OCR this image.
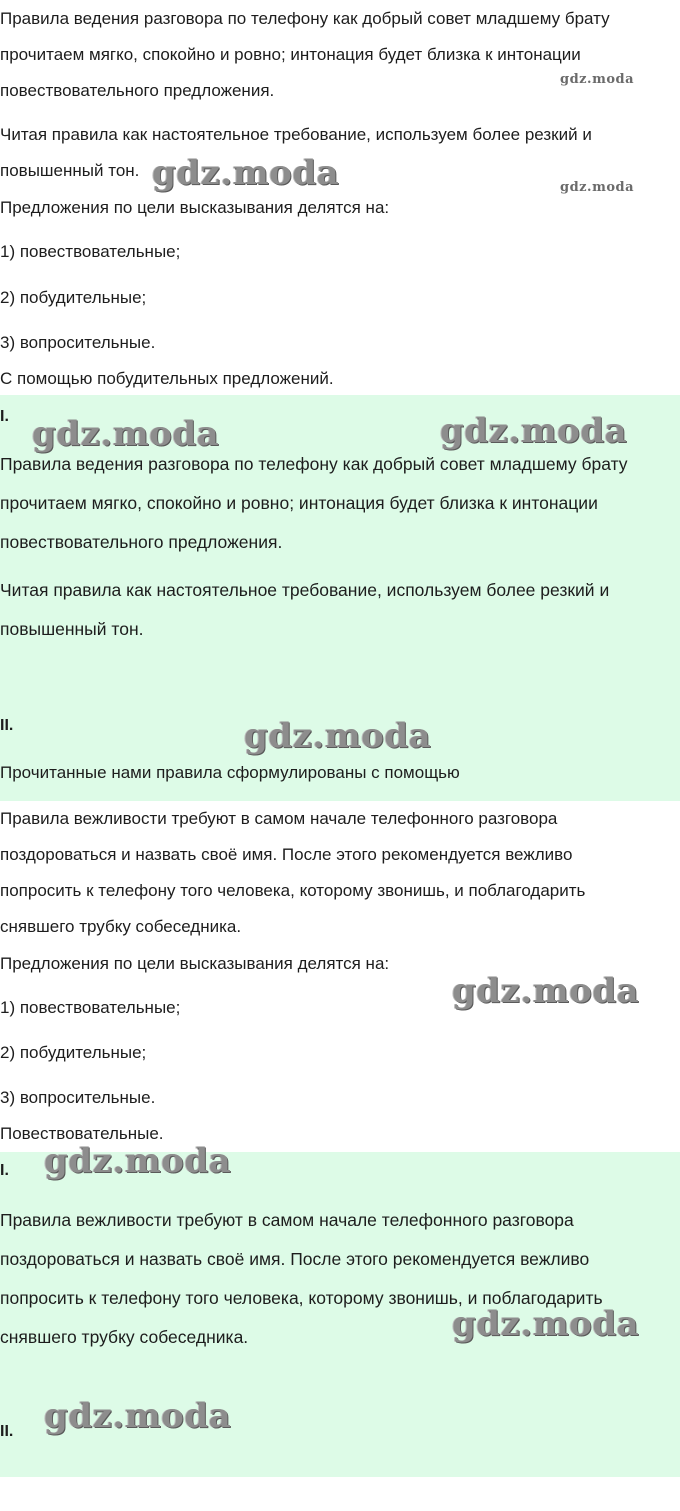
Правила ведения разговора по телефону как добрый совет младшему брату прочитаем мягко, спокойно и ровно; интонация будет близка к интонации повествовательного предложения.

Читая правила как настоятельное требование, используем более резкий и повышенный тон.

Предложения по цели высказывания делятся на:

1) повествовательные;

2) побудительные;

3) вопросительные.

С помощью побудительных предложений.

I.

Правила ведения разговора по телефону как добрый совет младшему брату прочитаем мягко, спокойно и ровно; интонация будет близка к интонации повествовательного предложения.

Читая правила как настоятельное требование, используем более резкий и повышенный тон.

II.

Прочитанные нами правила сформулированы с помощью

Правила вежливости требуют в самом начале телефонного разговора поздороваться и назвать своё имя. После этого рекомендуется вежливо попросить к телефону того человека, которому звонишь, и поблагодарить снявшего трубку собеседника.

Предложения по цели высказывания делятся на:

1) повествовательные;

2) побудительные;

3) вопросительные.

Повествовательные.

I.

Правила вежливости требуют в самом начале телефонного разговора поздороваться и назвать своё имя. После этого рекомендуется вежливо попросить к телефону того человека, которому звонишь, и поблагодарить снявшего трубку собеседника.

II.

gdz.moda
gdz.moda	gdz.moda
gdz.moda	gdz.moda
gdz.moda
gdz.moda
gdz.moda
gdz.moda
gdz.moda
